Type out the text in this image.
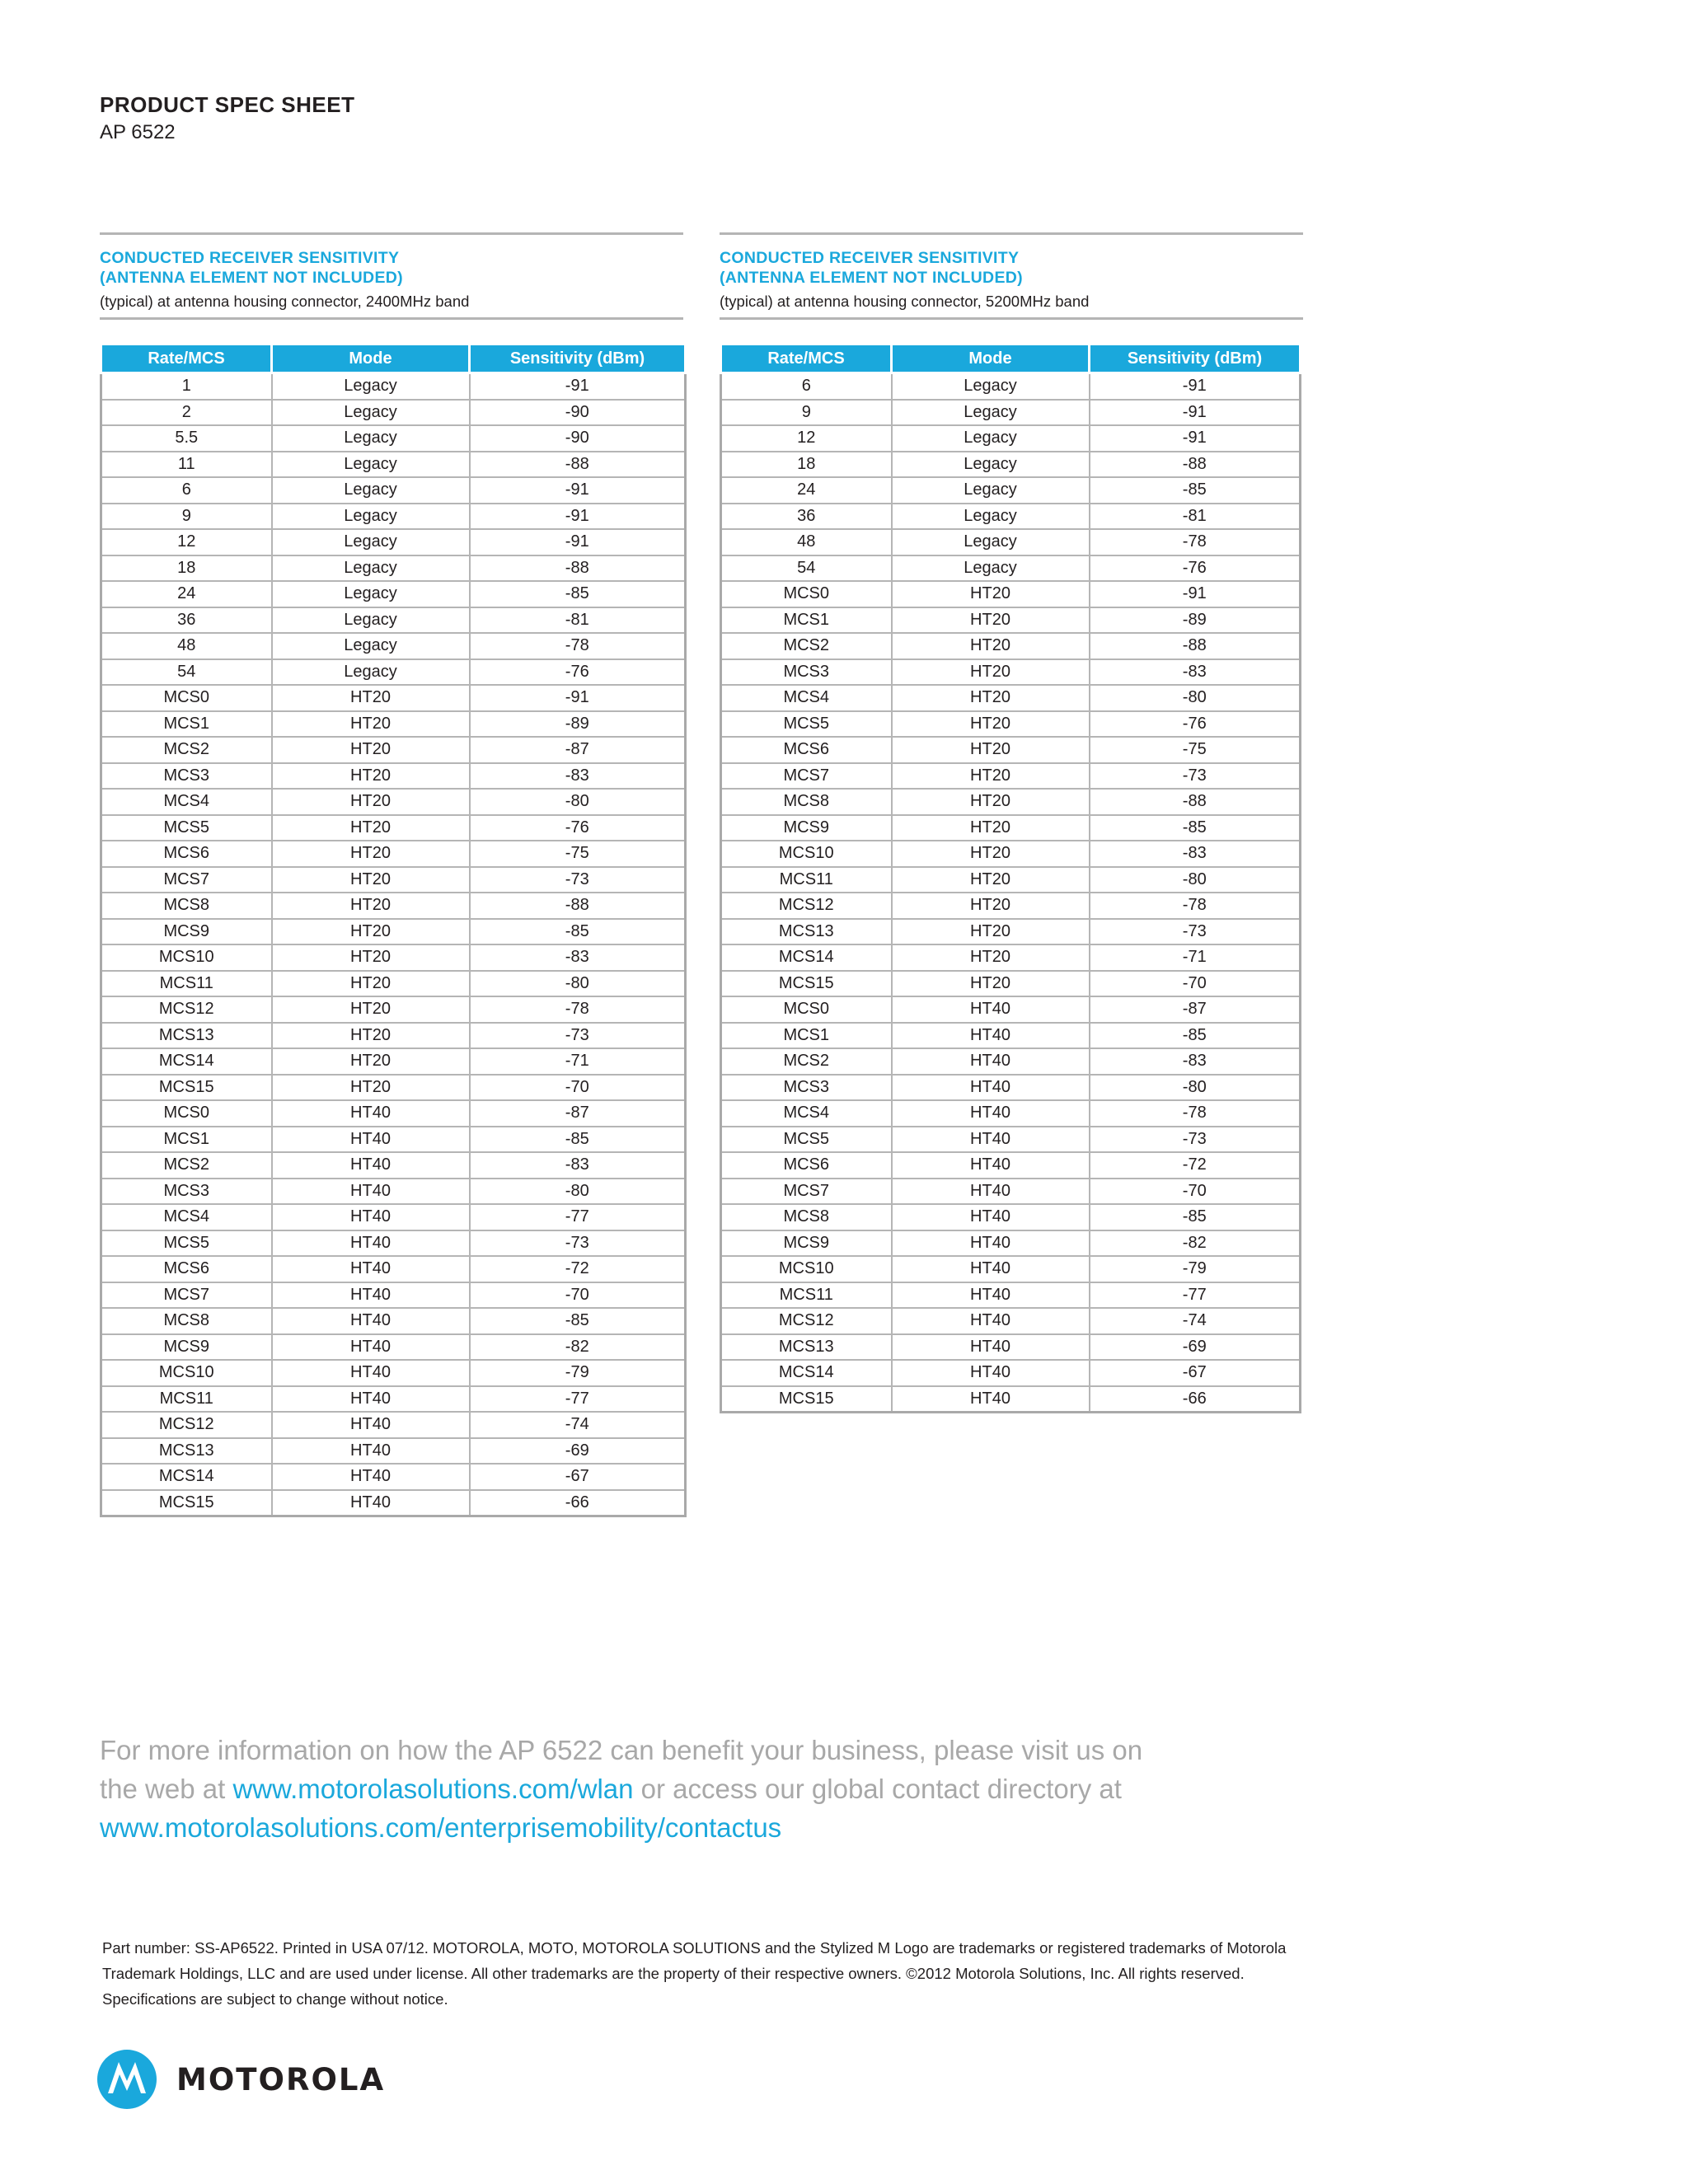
PRODUCT SPEC SHEET
AP 6522
CONDUCTED RECEIVER SENSITIVITY
(ANTENNA ELEMENT NOT INCLUDED)
(typical) at antenna housing connector, 2400MHz band
CONDUCTED RECEIVER SENSITIVITY
(ANTENNA ELEMENT NOT INCLUDED)
(typical) at antenna housing connector, 5200MHz band
Rate/MCS	Mode	Sensitivity (dBm)
1	Legacy	-91
2	Legacy	-90
5.5	Legacy	-90
11	Legacy	-88
6	Legacy	-91
9	Legacy	-91
12	Legacy	-91
18	Legacy	-88
24	Legacy	-85
36	Legacy	-81
48	Legacy	-78
54	Legacy	-76
MCS0	HT20	-91
MCS1	HT20	-89
MCS2	HT20	-87
MCS3	HT20	-83
MCS4	HT20	-80
MCS5	HT20	-76
MCS6	HT20	-75
MCS7	HT20	-73
MCS8	HT20	-88
MCS9	HT20	-85
MCS10	HT20	-83
MCS11	HT20	-80
MCS12	HT20	-78
MCS13	HT20	-73
MCS14	HT20	-71
MCS15	HT20	-70
MCS0	HT40	-87
MCS1	HT40	-85
MCS2	HT40	-83
MCS3	HT40	-80
MCS4	HT40	-77
MCS5	HT40	-73
MCS6	HT40	-72
MCS7	HT40	-70
MCS8	HT40	-85
MCS9	HT40	-82
MCS10	HT40	-79
MCS11	HT40	-77
MCS12	HT40	-74
MCS13	HT40	-69
MCS14	HT40	-67
MCS15	HT40	-66
Rate/MCS	Mode	Sensitivity (dBm)
6	Legacy	-91
9	Legacy	-91
12	Legacy	-91
18	Legacy	-88
24	Legacy	-85
36	Legacy	-81
48	Legacy	-78
54	Legacy	-76
MCS0	HT20	-91
MCS1	HT20	-89
MCS2	HT20	-88
MCS3	HT20	-83
MCS4	HT20	-80
MCS5	HT20	-76
MCS6	HT20	-75
MCS7	HT20	-73
MCS8	HT20	-88
MCS9	HT20	-85
MCS10	HT20	-83
MCS11	HT20	-80
MCS12	HT20	-78
MCS13	HT20	-73
MCS14	HT20	-71
MCS15	HT20	-70
MCS0	HT40	-87
MCS1	HT40	-85
MCS2	HT40	-83
MCS3	HT40	-80
MCS4	HT40	-78
MCS5	HT40	-73
MCS6	HT40	-72
MCS7	HT40	-70
MCS8	HT40	-85
MCS9	HT40	-82
MCS10	HT40	-79
MCS11	HT40	-77
MCS12	HT40	-74
MCS13	HT40	-69
MCS14	HT40	-67
MCS15	HT40	-66
For more information on how the AP 6522 can benefit your business, please visit us on the web at www.motorolasolutions.com/wlan or access our global contact directory at www.motorolasolutions.com/enterprisemobility/contactus
Part number: SS-AP6522. Printed in USA 07/12. MOTOROLA, MOTO, MOTOROLA SOLUTIONS and the Stylized M Logo are trademarks or registered trademarks of Motorola Trademark Holdings, LLC and are used under license. All other trademarks are the property of their respective owners. ©2012 Motorola Solutions, Inc. All rights reserved. Specifications are subject to change without notice.
MOTOROLA
